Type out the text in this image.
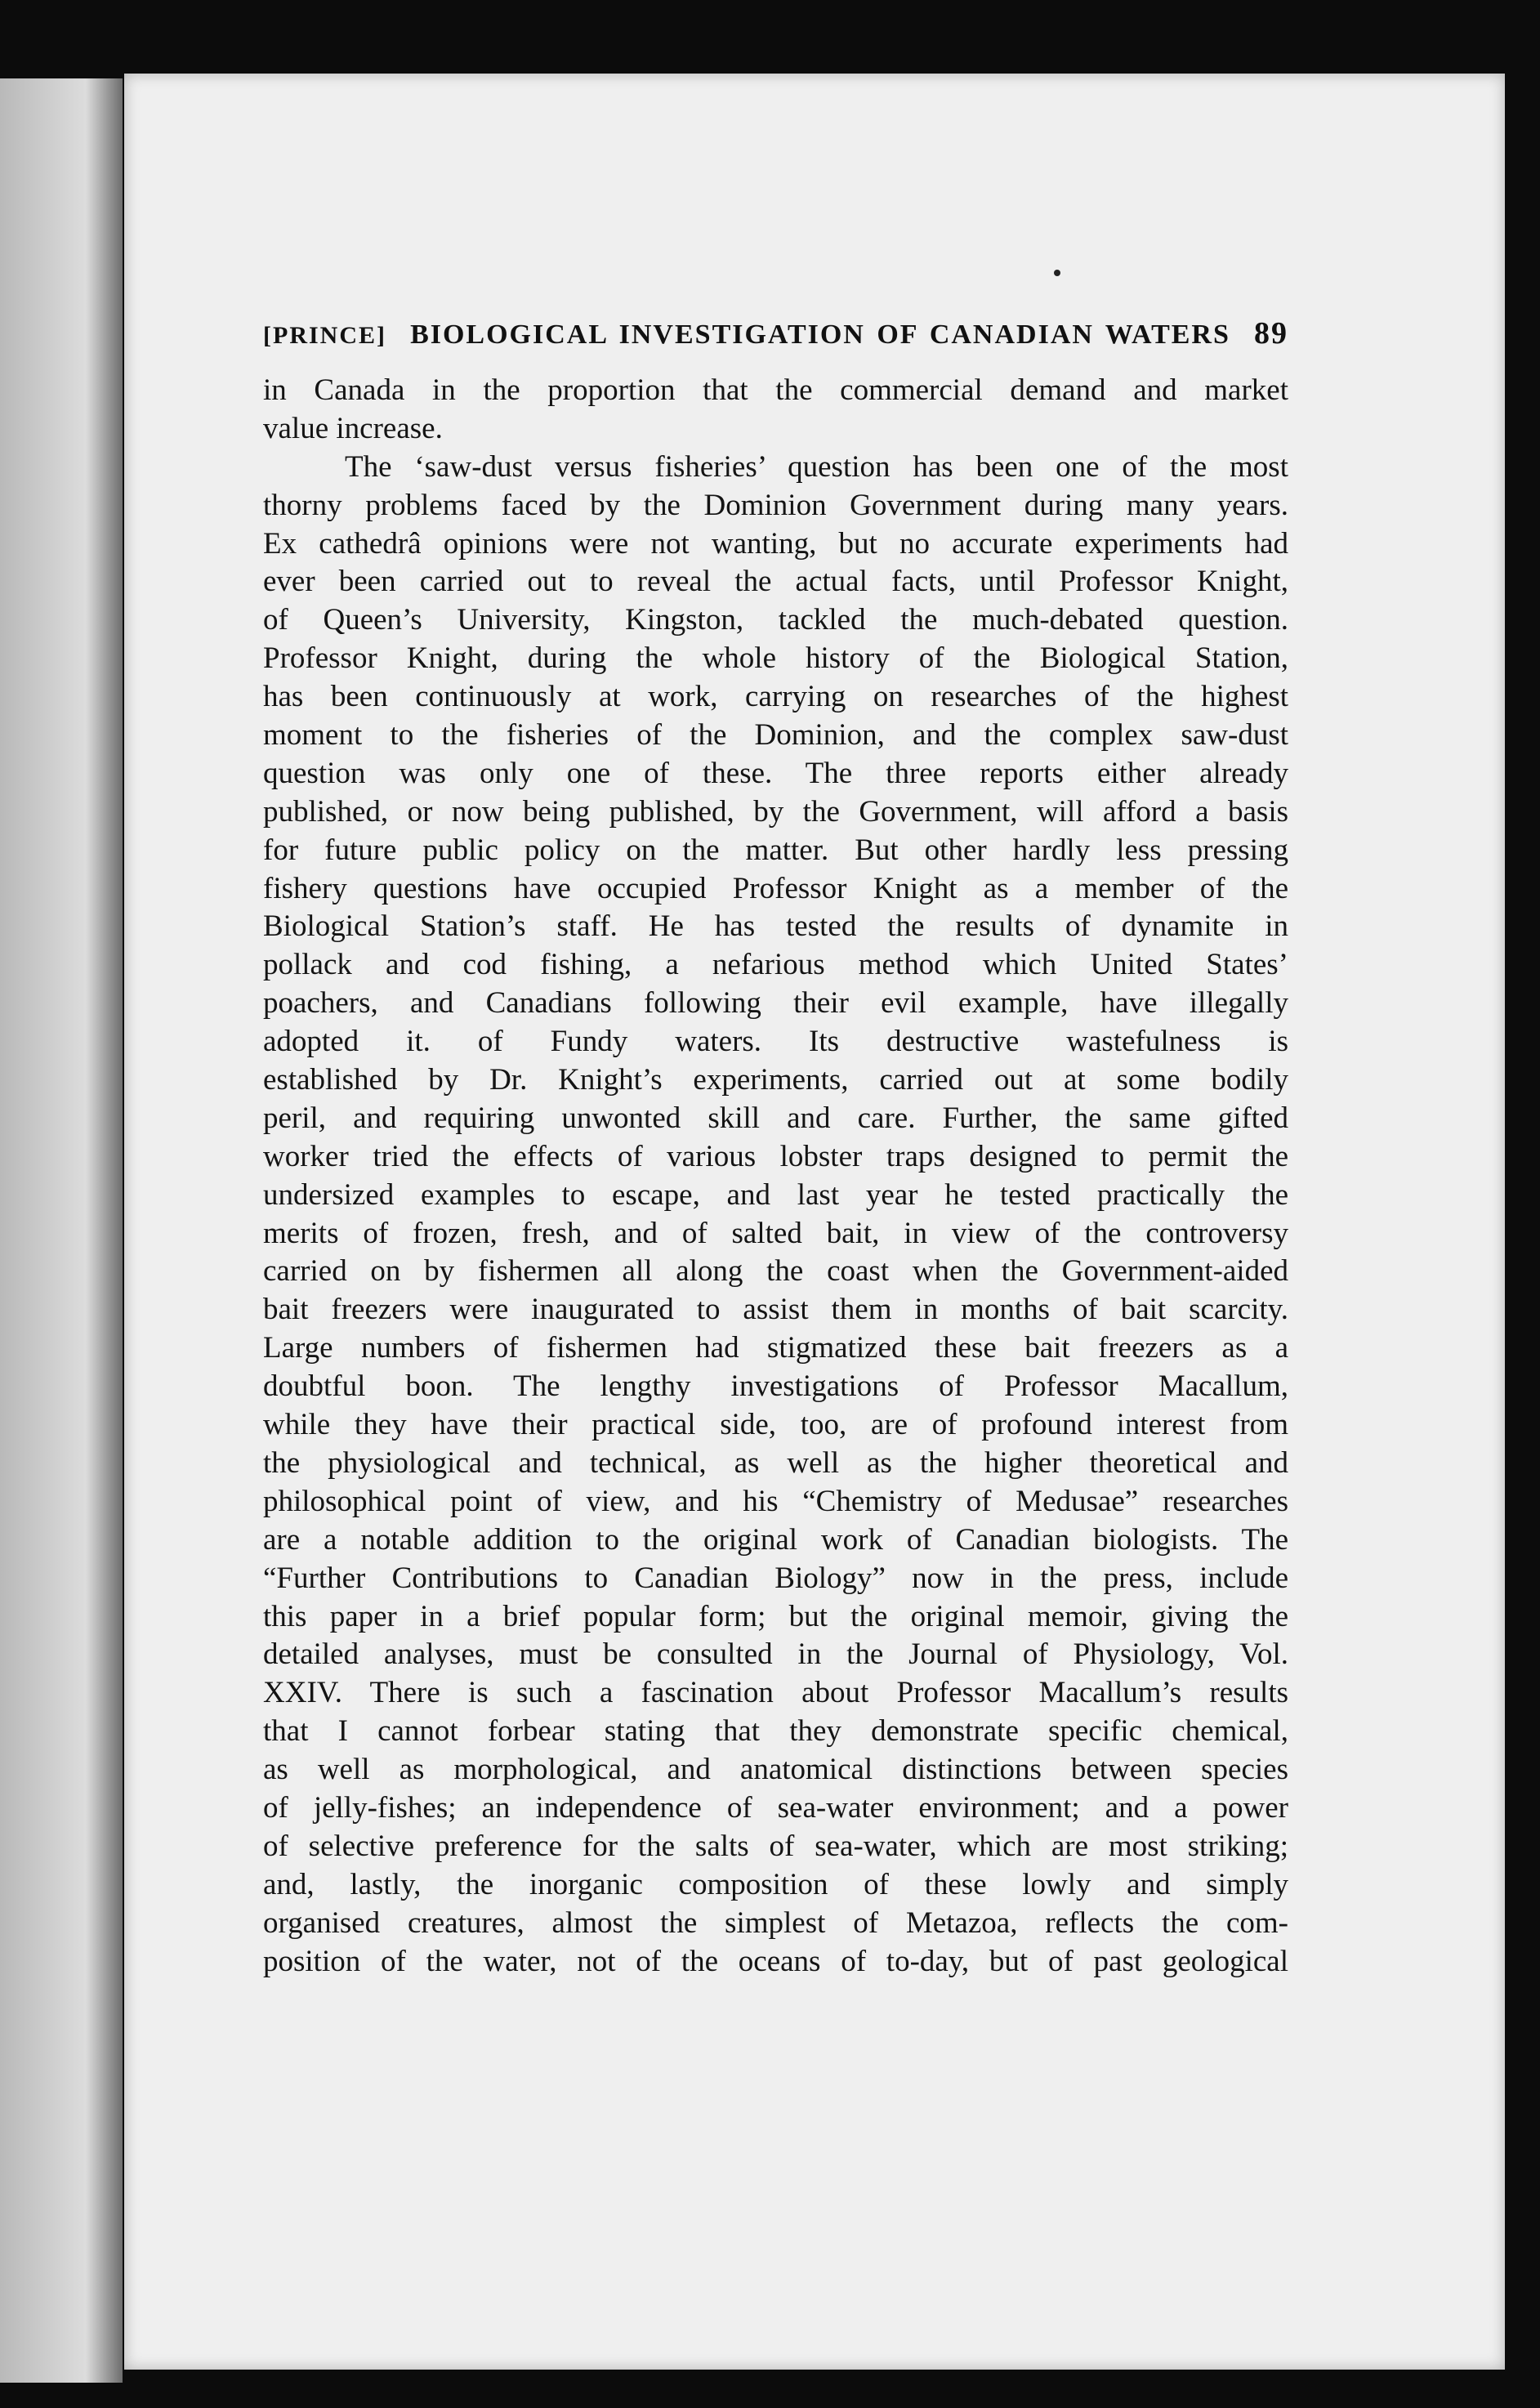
[PRINCE] BIOLOGICAL INVESTIGATION OF CANADIAN WATERS 89
in Canada in the proportion that the commercial demand and market
value increase.
The ‘saw-dust versus fisheries’ question has been one of the most
thorny problems faced by the Dominion Government during many years.
Ex cathedrâ opinions were not wanting, but no accurate experiments had
ever been carried out to reveal the actual facts, until Professor Knight,
of Queen’s University, Kingston, tackled the much-debated question.
Professor Knight, during the whole history of the Biological Station,
has been continuously at work, carrying on researches of the highest
moment to the fisheries of the Dominion, and the complex saw-dust
question was only one of these. The three reports either already
published, or now being published, by the Government, will afford a basis
for future public policy on the matter. But other hardly less pressing
fishery questions have occupied Professor Knight as a member of the
Biological Station’s staff. He has tested the results of dynamite in
pollack and cod fishing, a nefarious method which United States’
poachers, and Canadians following their evil example, have illegally
adopted it. of Fundy waters. Its destructive wastefulness is
established by Dr. Knight’s experiments, carried out at some bodily
peril, and requiring unwonted skill and care. Further, the same gifted
worker tried the effects of various lobster traps designed to permit the
undersized examples to escape, and last year he tested practically the
merits of frozen, fresh, and of salted bait, in view of the controversy
carried on by fishermen all along the coast when the Government-aided
bait freezers were inaugurated to assist them in months of bait scarcity.
Large numbers of fishermen had stigmatized these bait freezers as a
doubtful boon. The lengthy investigations of Professor Macallum,
while they have their practical side, too, are of profound interest from
the physiological and technical, as well as the higher theoretical and
philosophical point of view, and his “Chemistry of Medusae” researches
are a notable addition to the original work of Canadian biologists. The
“Further Contributions to Canadian Biology” now in the press, include
this paper in a brief popular form; but the original memoir, giving the
detailed analyses, must be consulted in the Journal of Physiology, Vol.
XXIV. There is such a fascination about Professor Macallum’s results
that I cannot forbear stating that they demonstrate specific chemical,
as well as morphological, and anatomical distinctions between species
of jelly-fishes; an independence of sea-water environment; and a power
of selective preference for the salts of sea-water, which are most striking;
and, lastly, the inorganic composition of these lowly and simply
organised creatures, almost the simplest of Metazoa, reflects the com-
position of the water, not of the oceans of to-day, but of past geological
